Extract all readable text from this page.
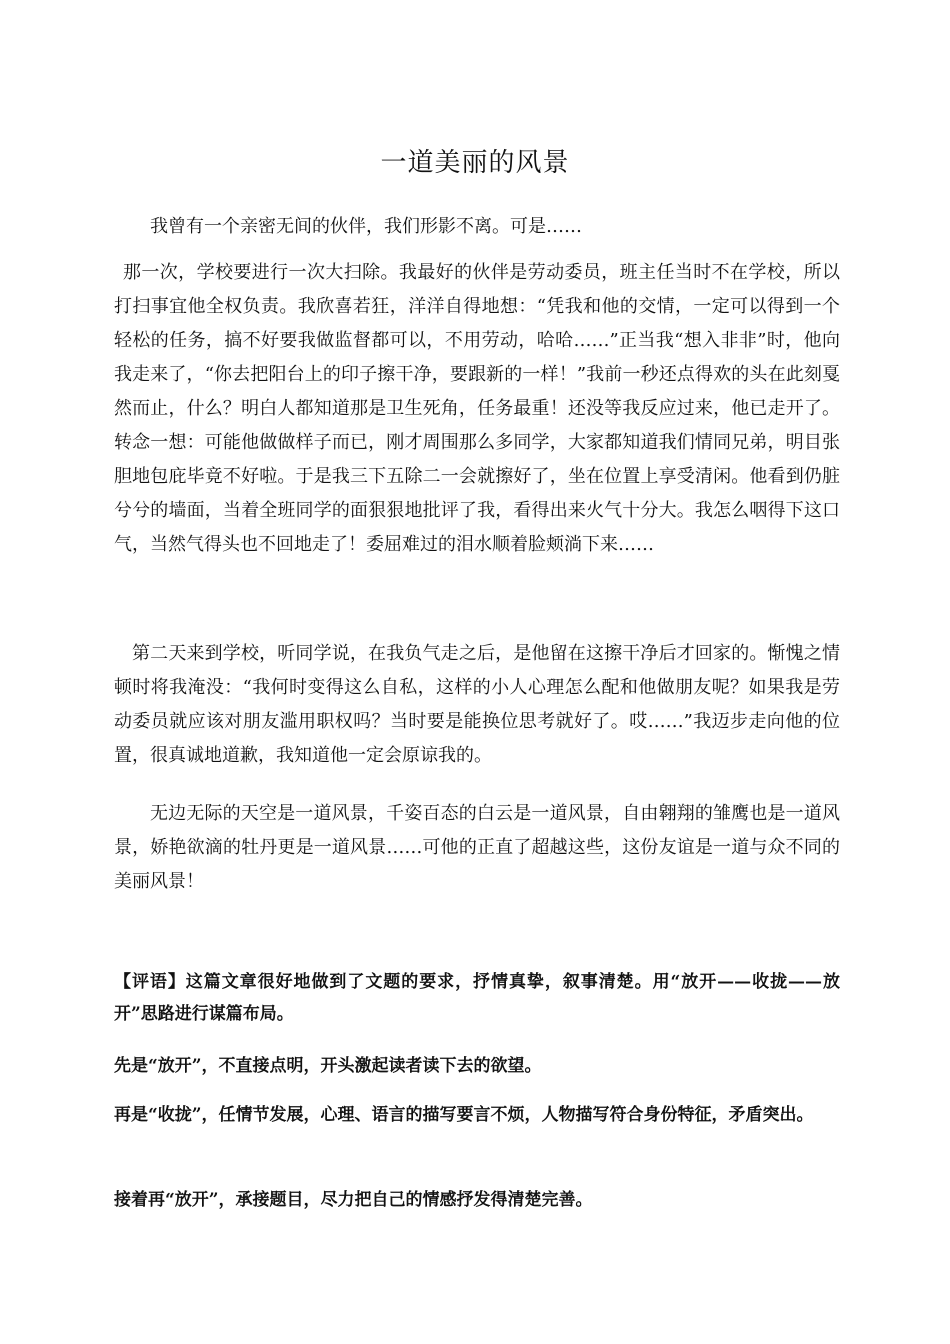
一道美丽的风景

我曾有一个亲密无间的伙伴，我们形影不离。可是……

那一次，学校要进行一次大扫除。我最好的伙伴是劳动委员，班主任当时不在学校，所以打扫事宜他全权负责。我欣喜若狂，洋洋自得地想：“凭我和他的交情，一定可以得到一个轻松的任务，搞不好要我做监督都可以，不用劳动，哈哈……”正当我“想入非非”时，他向我走来了，“你去把阳台上的印子擦干净，要跟新的一样！”我前一秒还点得欢的头在此刻戛然而止，什么？明白人都知道那是卫生死角，任务最重！还没等我反应过来，他已走开了。转念一想：可能他做做样子而已，刚才周围那么多同学，大家都知道我们情同兄弟，明目张胆地包庇毕竟不好啦。于是我三下五除二一会就擦好了，坐在位置上享受清闲。他看到仍脏兮兮的墙面，当着全班同学的面狠狠地批评了我，看得出来火气十分大。我怎么咽得下这口气，当然气得头也不回地走了！委屈难过的泪水顺着脸颊淌下来……

第二天来到学校，听同学说，在我负气走之后，是他留在这擦干净后才回家的。惭愧之情顿时将我淹没：“我何时变得这么自私，这样的小人心理怎么配和他做朋友呢？如果我是劳动委员就应该对朋友滥用职权吗？当时要是能换位思考就好了。哎……”我迈步走向他的位置，很真诚地道歉，我知道他一定会原谅我的。

无边无际的天空是一道风景，千姿百态的白云是一道风景，自由翱翔的雏鹰也是一道风景，娇艳欲滴的牡丹更是一道风景……可他的正直了超越这些，这份友谊是一道与众不同的美丽风景！

【评语】这篇文章很好地做到了文题的要求，抒情真挚，叙事清楚。用“放开——收拢——放开”思路进行谋篇布局。

先是“放开”，不直接点明，开头激起读者读下去的欲望。

再是“收拢”，任情节发展，心理、语言的描写要言不烦，人物描写符合身份特征，矛盾突出。

接着再“放开”，承接题目，尽力把自己的情感抒发得清楚完善。
